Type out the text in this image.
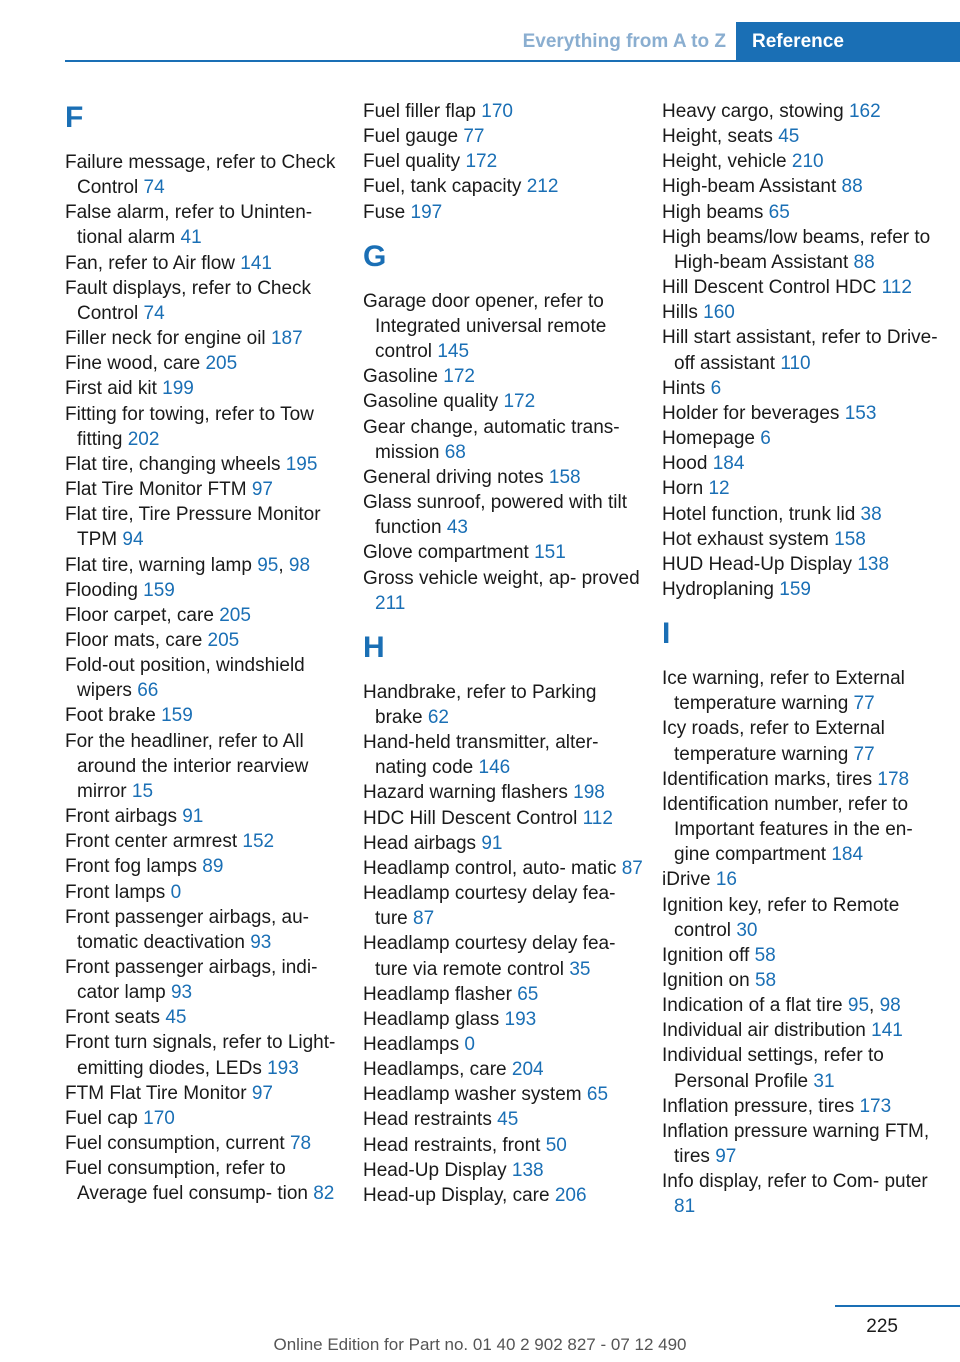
Everything from A to Z	Reference
F

Failure message, refer to Check Control 74

False alarm, refer to Uninten‐ tional alarm 41

Fan, refer to Air flow 141

Fault displays, refer to Check Control 74

Filler neck for engine oil 187

Fine wood, care 205

First aid kit 199

Fitting for towing, refer to Tow fitting 202

Flat tire, changing wheels 195

Flat Tire Monitor FTM 97

Flat tire, Tire Pressure Monitor TPM 94

Flat tire, warning lamp 95, 98

Flooding 159

Floor carpet, care 205

Floor mats, care 205

Fold-out position, windshield wipers 66

Foot brake 159

For the headliner, refer to All around the interior rearview mirror 15

Front airbags 91

Front center armrest 152

Front fog lamps 89

Front lamps 0

Front passenger airbags, au‐ tomatic deactivation 93

Front passenger airbags, indi‐ cator lamp 93

Front seats 45

Front turn signals, refer to Light-emitting diodes, LEDs 193

FTM Flat Tire Monitor 97

Fuel cap 170

Fuel consumption, current 78

Fuel consumption, refer to Average fuel consump‐ tion 82

Fuel filler flap 170

Fuel gauge 77

Fuel quality 172

Fuel, tank capacity 212

Fuse 197

G

Garage door opener, refer to Integrated universal remote control 145

Gasoline 172

Gasoline quality 172

Gear change, automatic trans‐ mission 68

General driving notes 158

Glass sunroof, powered with tilt function 43

Glove compartment 151

Gross vehicle weight, ap‐ proved 211

H

Handbrake, refer to Parking brake 62

Hand-held transmitter, alter‐ nating code 146

Hazard warning flashers 198

HDC Hill Descent Control 112

Head airbags 91

Headlamp control, auto‐ matic 87

Headlamp courtesy delay fea‐ ture 87

Headlamp courtesy delay fea‐ ture via remote control 35

Headlamp flasher 65

Headlamp glass 193

Headlamps 0

Headlamps, care 204

Headlamp washer system 65

Head restraints 45

Head restraints, front 50

Head-Up Display 138

Head-up Display, care 206

Heavy cargo, stowing 162

Height, seats 45

Height, vehicle 210

High-beam Assistant 88

High beams 65

High beams/low beams, refer to High-beam Assistant 88

Hill Descent Control HDC 112

Hills 160

Hill start assistant, refer to Drive-off assistant 110

Hints 6

Holder for beverages 153

Homepage 6

Hood 184

Horn 12

Hotel function, trunk lid 38

Hot exhaust system 158

HUD Head-Up Display 138

Hydroplaning 159

I

Ice warning, refer to External temperature warning 77

Icy roads, refer to External temperature warning 77

Identification marks, tires 178

Identification number, refer to Important features in the en‐ gine compartment 184

iDrive 16

Ignition key, refer to Remote control 30

Ignition off 58

Ignition on 58

Indication of a flat tire 95, 98

Individual air distribution 141

Individual settings, refer to Personal Profile 31

Inflation pressure, tires 173

Inflation pressure warning FTM, tires 97

Info display, refer to Com‐ puter 81

225
Online Edition for Part no. 01 40 2 902 827 - 07 12 490
